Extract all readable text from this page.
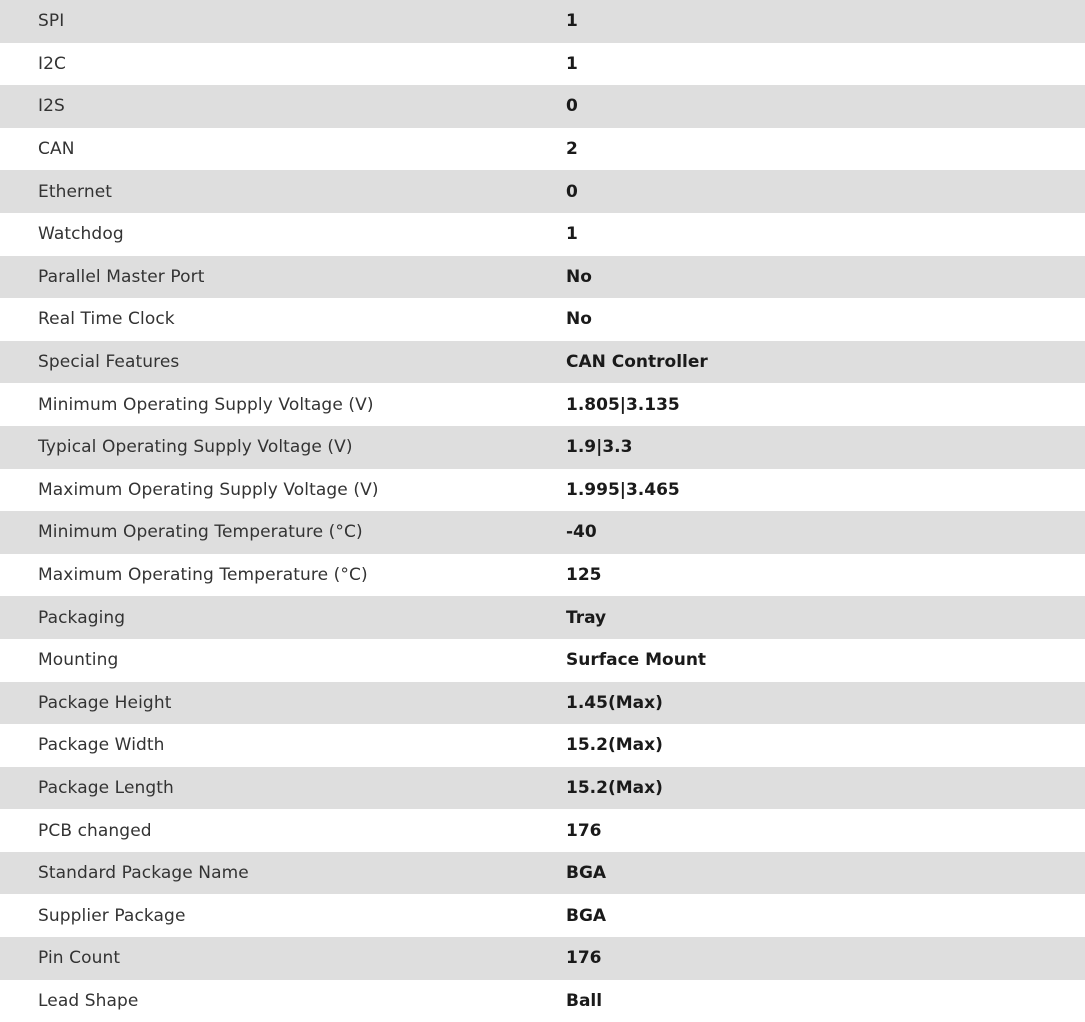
SPI	1
I2C	1
I2S	0
CAN	2
Ethernet	0
Watchdog	1
Parallel Master Port	No
Real Time Clock	No
Special Features	CAN Controller
Minimum Operating Supply Voltage (V)	1.805|3.135
Typical Operating Supply Voltage (V)	1.9|3.3
Maximum Operating Supply Voltage (V)	1.995|3.465
Minimum Operating Temperature (°C)	-40
Maximum Operating Temperature (°C)	125
Packaging	Tray
Mounting	Surface Mount
Package Height	1.45(Max)
Package Width	15.2(Max)
Package Length	15.2(Max)
PCB changed	176
Standard Package Name	BGA
Supplier Package	BGA
Pin Count	176
Lead Shape	Ball
